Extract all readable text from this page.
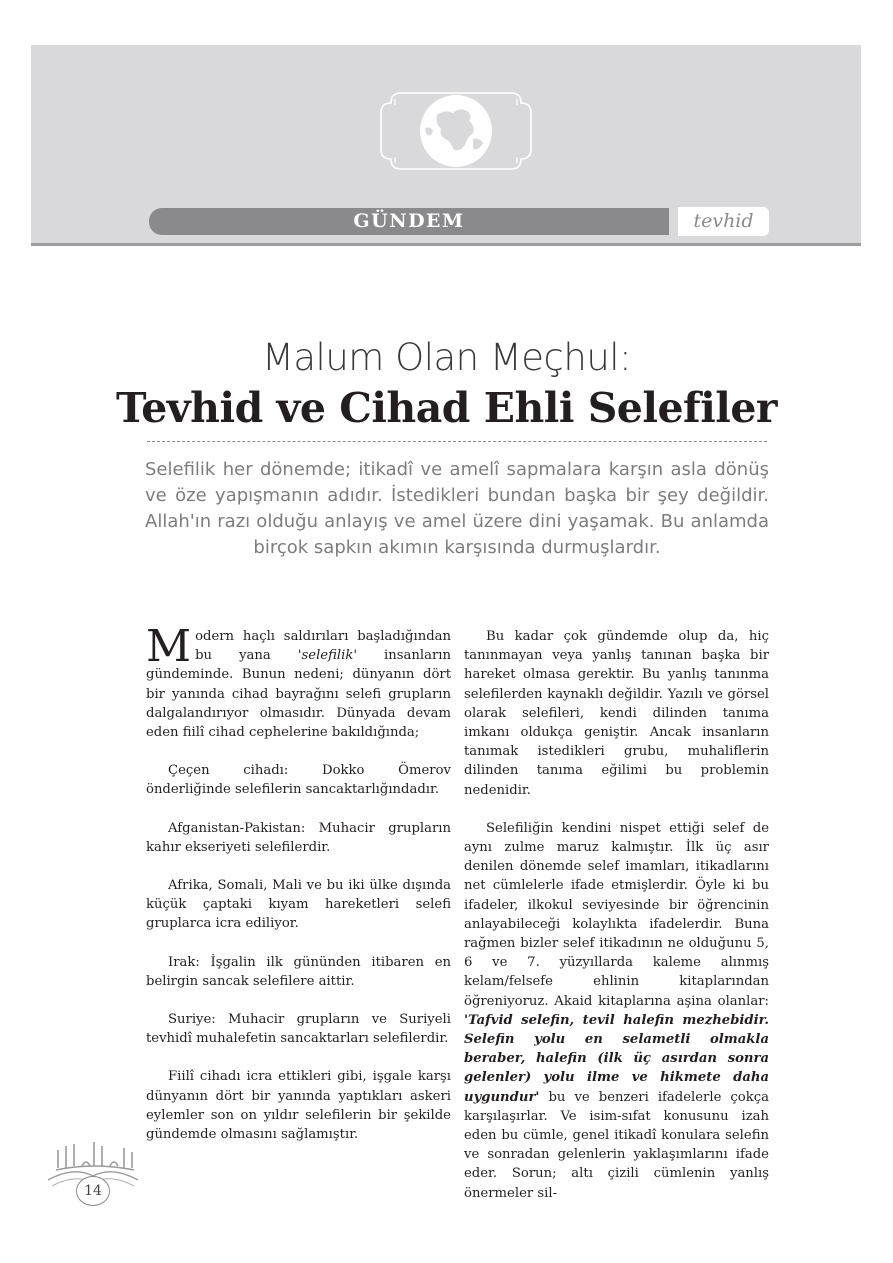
GÜNDEM	tevhid
Malum Olan Meçhul:
Tevhid ve Cihad Ehli Selefiler
Selefilik her dönemde; itikadî ve amelî sapmalara karşın asla dönüş ve öze yapışmanın adıdır. İstedikleri bundan başka bir şey değildir. Allah'ın razı olduğu anlayış ve amel üzere dini yaşamak. Bu anlamda birçok sapkın akımın karşısında durmuşlardır.

Modern haçlı saldırıları başladığından bu yana 'selefilik' insanların gündeminde. Bunun nedeni; dünyanın dört bir yanında cihad bayrağını selefi grupların dalgalandırıyor olmasıdır. Dünyada devam eden fiilî cihad cephelerine bakıldığında;

Çeçen cihadı: Dokko Ömerov önderliğinde selefilerin sancaktarlığındadır.

Afganistan-Pakistan: Muhacir grupların kahır ekseriyeti selefilerdir.

Afrika, Somali, Mali ve bu iki ülke dışında küçük çaptaki kıyam hareketleri selefi gruplarca icra ediliyor.

Irak: İşgalin ilk gününden itibaren en belirgin sancak selefilere aittir.

Suriye: Muhacir grupların ve Suriyeli tevhidî muhalefetin sancaktarları selefilerdir.

Fiilî cihadı icra ettikleri gibi, işgale karşı dünyanın dört bir yanında yaptıkları askeri eylemler son on yıldır selefilerin bir şekilde gündemde olmasını sağlamıştır.

Bu kadar çok gündemde olup da, hiç tanınmayan veya yanlış tanınan başka bir hareket olmasa gerektir. Bu yanlış tanınma selefilerden kaynaklı değildir. Yazılı ve görsel olarak selefileri, kendi dilinden tanıma imkanı oldukça geniştir. Ancak insanların tanımak istedikleri grubu, muhaliflerin dilinden tanıma eğilimi bu problemin nedenidir.

Selefiliğin kendini nispet ettiği selef de aynı zulme maruz kalmıştır. İlk üç asır denilen dönemde selef imamları, itikadlarını net cümlelerle ifade etmişlerdir. Öyle ki bu ifadeler, ilkokul seviyesinde bir öğrencinin anlayabileceği kolaylıkta ifadelerdir. Buna rağmen bizler selef itikadının ne olduğunu 5, 6 ve 7. yüzyıllarda kaleme alınmış kelam/felsefe ehlinin kitaplarından öğreniyoruz. Akaid kitaplarına aşina olanlar: 'Tafvid selefin, tevil halefin mezhebidir. Selefin yolu en selametli olmakla beraber, halefin (ilk üç asırdan sonra gelenler) yolu ilme ve hikmete daha uygundur' bu ve benzeri ifadelerle çokça karşılaşırlar. Ve isim-sıfat konusunu izah eden bu cümle, genel itikadî konulara selefin ve sonradan gelenlerin yaklaşımlarını ifade eder. Sorun; altı çizili cümlenin yanlış önermeler sil-

14
